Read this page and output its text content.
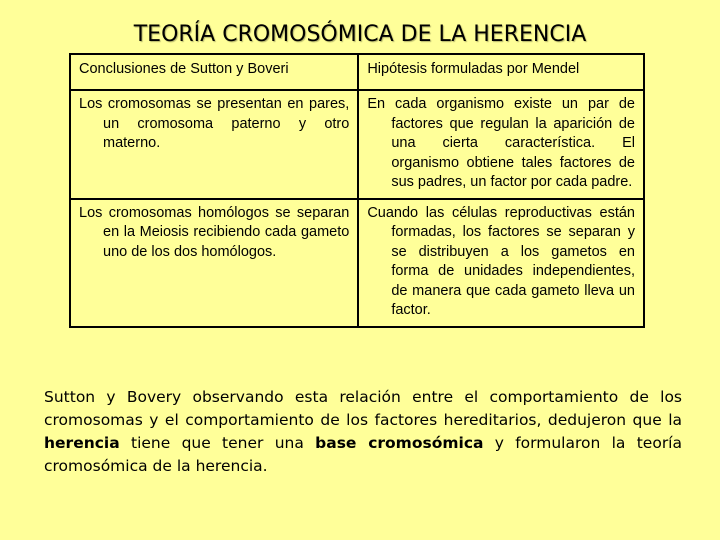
TEORÍA CROMOSÓMICA DE LA HERENCIA
Conclusiones de Sutton y Boveri	Hipótesis formuladas por Mendel

Los cromosomas se presentan en pares, un cromosoma paterno y otro materno.	En cada organismo existe un par de factores que regulan la aparición de una cierta característica. El organismo obtiene tales factores de sus padres, un factor por cada padre.

Los cromosomas homólogos se separan en la Meiosis recibiendo cada gameto uno de los dos homólogos.	Cuando las células reproductivas están formadas, los factores se separan y se distribuyen a los gametos en forma de unidades independientes, de manera que cada gameto lleva un factor.
Sutton y Bovery observando esta relación entre el comportamiento de los cromosomas y el comportamiento de los factores hereditarios, dedujeron que la herencia tiene que tener una base cromosómica y formularon la teoría cromosómica de la herencia.
